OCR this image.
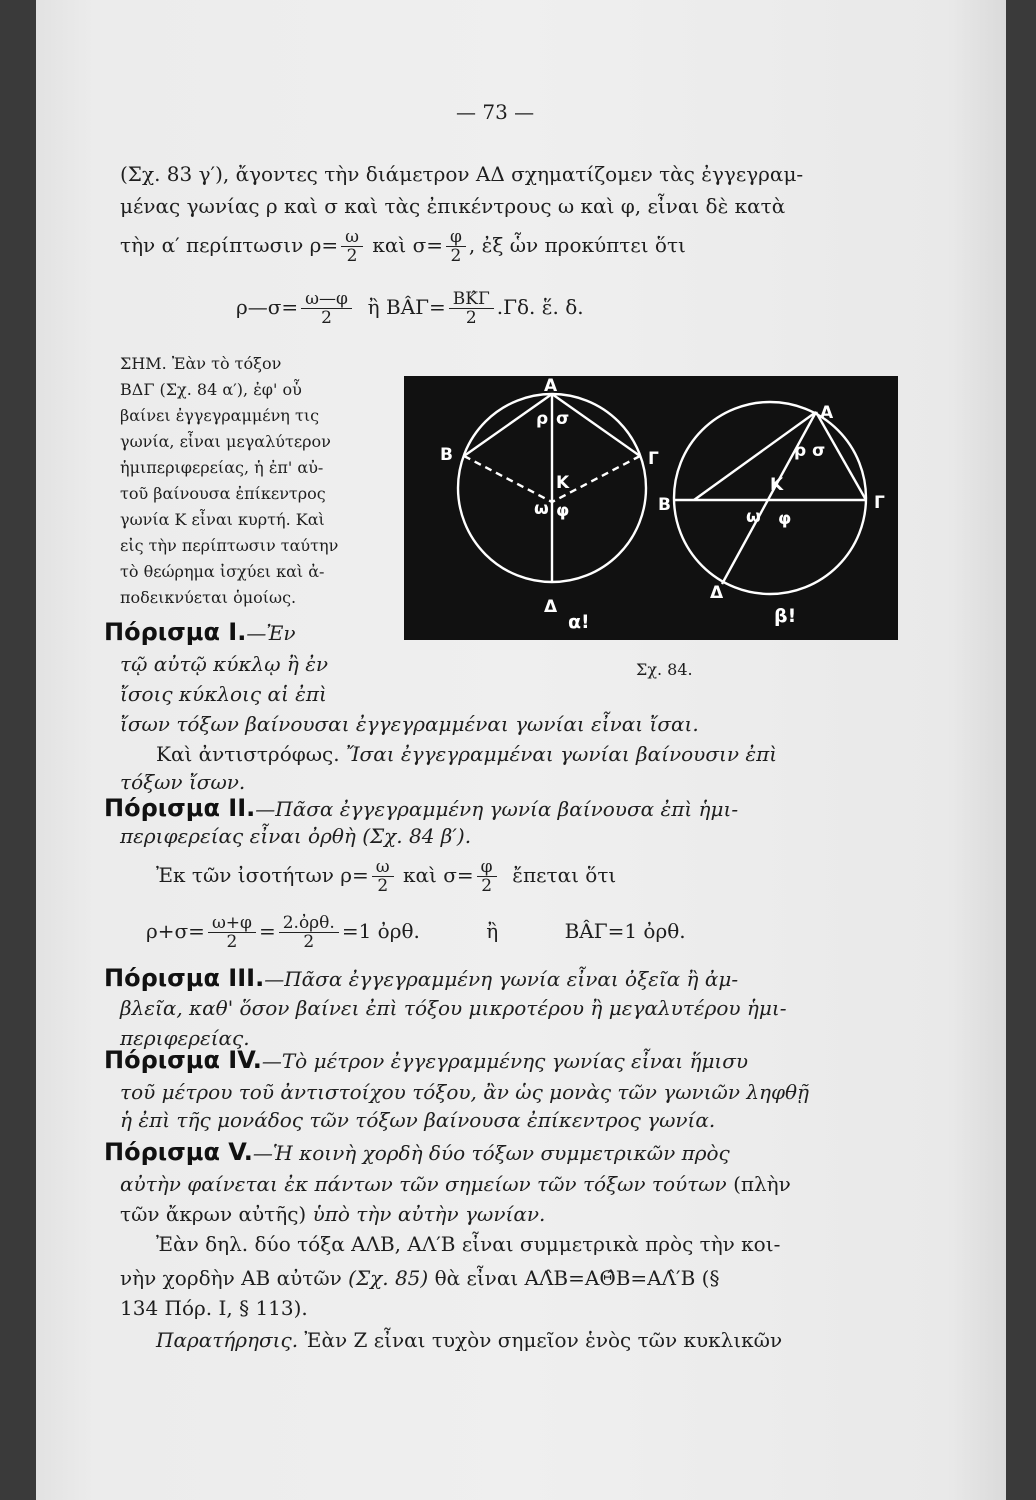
— 73 —
(Σχ. 83 γ′), ἄγοντες τὴν διάμετρον ΑΔ σχηματίζομεν τὰς ἐγγεγραμ-
μένας γωνίας ρ καὶ σ καὶ τὰς ἐπικέντρους ω καὶ φ, εἶναι δὲ κατὰ
τὴν α′ περίπτωσιν $\rho= \frac{\omega}{2}$ καὶ $\sigma= \frac{\varphi}{2}$ , ἐξ ὧν προκύπτει ὅτι
ρ—σ= $\frac{\omega—\varphi}{2}$ ἢ ΒÂΓ= $\frac{BK̂\Gamma}{2} .\Gamma\delta$. ἕ. δ.
ΣΗΜ. Ἐὰν τὸ τόξον
ΒΔΓ (Σχ. 84 α′), ἐφ' οὗ
βαίνει ἐγγεγραμμένη τις
γωνία, εἶναι μεγαλύτερον
ἡμιπεριφερείας, ἡ ἐπ' αὐ-
τοῦ βαίνουσα ἐπίκεντρος
γωνία Κ εἶναι κυρτή. Καὶ
εἰς τὴν περίπτωσιν ταύτην
τὸ θεώρημα ἰσχύει καὶ ἀ-
ποδεικνύεται ὁμοίως.
Πόρισμα I.—Ἐν
τῷ αὐτῷ κύκλῳ ἢ ἐν
ἴσοις κύκλοις αἱ ἐπὶ
ἴσων τόξων βαίνουσαι ἐγγεγραμμέναι γωνίαι εἶναι ἴσαι.
Καὶ ἀντιστρόφως. Ἴσαι ἐγγεγραμμέναι γωνίαι βαίνουσιν ἐπὶ
τόξων ἴσων.
Α
Β	Γ
Δ
Κ
ρ σ
ω φ
α!
Α
Β	Γ
Δ
Κ
ρ σ
ω φ
β!
Σχ. 84.
Πόρισμα II.—Πᾶσα ἐγγεγραμμένη γωνία βαίνουσα ἐπὶ ἡμι-
περιφερείας εἶναι ὀρθὴ (Σχ. 84 β′).
Ἐκ τῶν ἰσοτήτων $\rho= \frac{\omega}{2}$ καὶ $\sigma= \frac{\varphi}{2}$ ἔπεται ὅτι
$\rho+\sigma= \frac{\omega+\varphi}{2} = \frac{\text{2.ὀρθ.}}{2} =1$ ὀρθ.	ἢ	ΒÂΓ=1 ὀρθ.
Πόρισμα III.—Πᾶσα ἐγγεγραμμένη γωνία εἶναι ὀξεῖα ἢ ἀμ-
βλεῖα, καθ' ὅσον βαίνει ἐπὶ τόξου μικροτέρου ἢ μεγαλυτέρου ἡμι-
περιφερείας.
Πόρισμα IV.—Τὸ μέτρον ἐγγεγραμμένης γωνίας εἶναι ἥμισυ
τοῦ μέτρου τοῦ ἀντιστοίχου τόξου, ἂν ὡς μονὰς τῶν γωνιῶν ληφθῇ
ἡ ἐπὶ τῆς μονάδος τῶν τόξων βαίνουσα ἐπίκεντρος γωνία.
Πόρισμα V.—Ἡ κοινὴ χορδὴ δύο τόξων συμμετρικῶν πρὸς
αὐτὴν φαίνεται ἐκ πάντων τῶν σημείων τῶν τόξων τούτων (πλὴν
τῶν ἄκρων αὐτῆς) ὑπὸ τὴν αὐτὴν γωνίαν.
Ἐὰν δηλ. δύο τόξα ΑΛΒ, ΑΛ′Β εἶναι συμμετρικὰ πρὸς τὴν κοι-
νὴν χορδὴν ΑΒ αὐτῶν (Σχ. 85) θὰ εἶναι ΑΛ̂Β=ΑΘ̂Β=ΑΛ̂′Β (§
134 Πόρ. I, § 113).
Παρατήρησις. Ἐὰν Ζ εἶναι τυχὸν σημεῖον ἑνὸς τῶν κυκλικῶν
